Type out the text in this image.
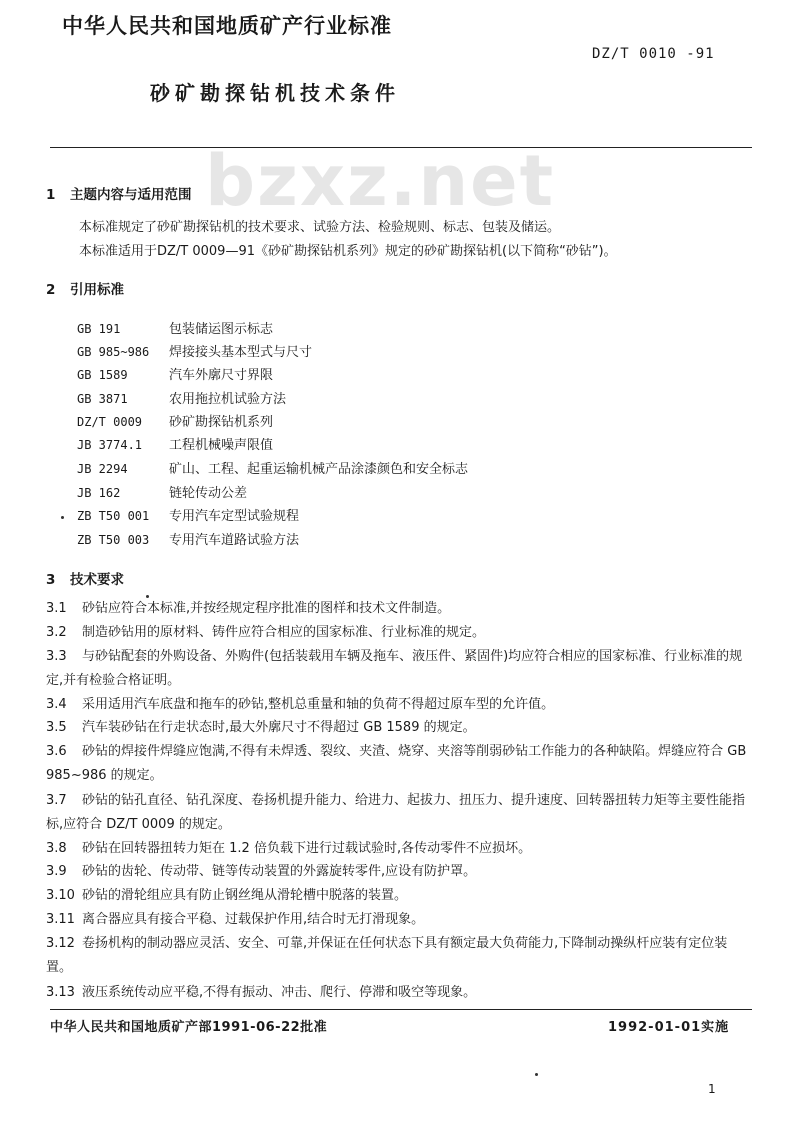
中华人民共和国地质矿产行业标准
DZ/T 0010 -91
砂矿勘探钻机技术条件
bzxz.net
1 主题内容与适用范围
本标准规定了砂矿勘探钻机的技术要求、试验方法、检验规则、标志、包装及储运。
本标准适用于DZ/T 0009—91《砂矿勘探钻机系列》规定的砂矿勘探钻机(以下简称“砂钻”)。
2 引用标准
GB 191	包装储运图示标志
GB 985~986 焊接接头基本型式与尺寸
GB 1589	汽车外廓尺寸界限
GB 3871	农用拖拉机试验方法
DZ/T 0009 砂矿勘探钻机系列
JB 3774.1 工程机械噪声限值
JB 2294	矿山、工程、起重运输机械产品涂漆颜色和安全标志
JB 162	链轮传动公差
ZB T50 001 专用汽车定型试验规程
ZB T50 003 专用汽车道路试验方法
3 技术要求
3.1 砂钻应符合本标准,并按经规定程序批准的图样和技术文件制造。
3.2 制造砂钻用的原材料、铸件应符合相应的国家标准、行业标准的规定。
3.3 与砂钻配套的外购设备、外购件(包括装载用车辆及拖车、液压件、紧固件)均应符合相应的国家标准、行业标准的规定,并有检验合格证明。
3.4 采用适用汽车底盘和拖车的砂钻,整机总重量和轴的负荷不得超过原车型的允许值。
3.5 汽车装砂钻在行走状态时,最大外廓尺寸不得超过 GB 1589 的规定。
3.6 砂钻的焊接件焊缝应饱满,不得有未焊透、裂纹、夹渣、烧穿、夹溶等削弱砂钻工作能力的各种缺陷。焊缝应符合 GB 985~986 的规定。
3.7 砂钻的钻孔直径、钻孔深度、卷扬机提升能力、给进力、起拔力、扭压力、提升速度、回转器扭转力矩等主要性能指标,应符合 DZ/T 0009 的规定。
3.8 砂钻在回转器扭转力矩在 1.2 倍负载下进行过载试验时,各传动零件不应损坏。
3.9 砂钻的齿轮、传动带、链等传动装置的外露旋转零件,应设有防护罩。
3.10 砂钻的滑轮组应具有防止钢丝绳从滑轮槽中脱落的装置。
3.11 离合器应具有接合平稳、过载保护作用,结合时无打滑现象。
3.12 卷扬机构的制动器应灵活、安全、可靠,并保证在任何状态下具有额定最大负荷能力,下降制动操纵杆应装有定位装置。
3.13 液压系统传动应平稳,不得有振动、冲击、爬行、停滞和吸空等现象。
中华人民共和国地质矿产部1991-06-22批准	1992-01-01实施
1
